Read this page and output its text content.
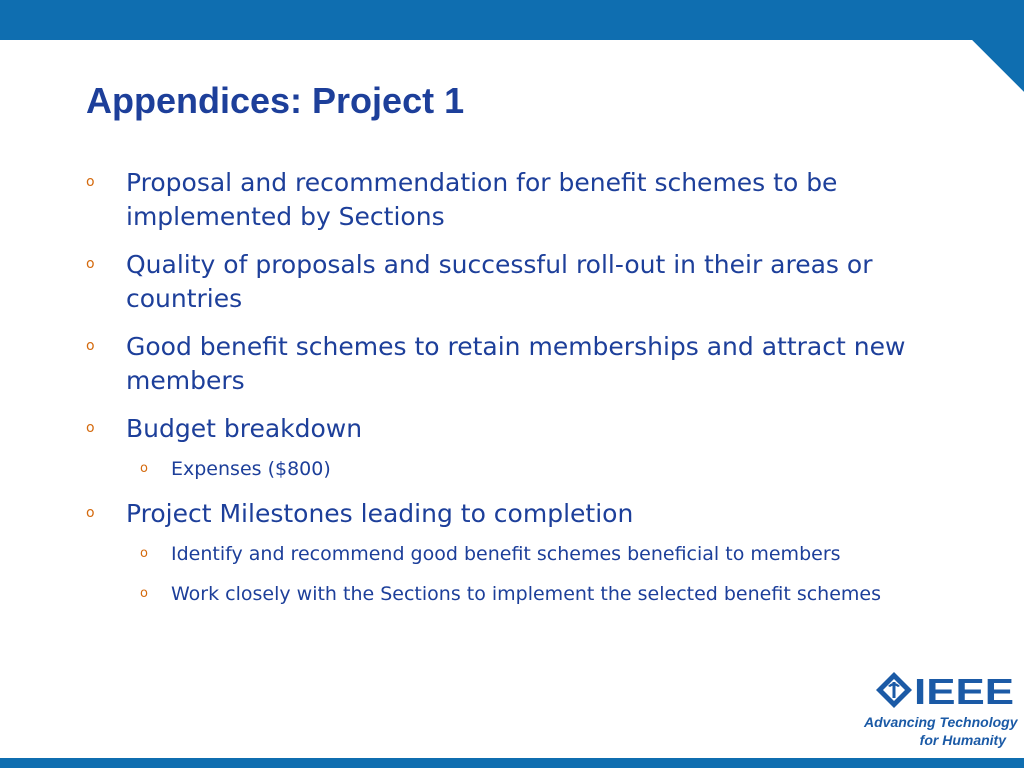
Appendices: Project 1
o Proposal and recommendation for benefit schemes to be implemented by Sections
o Quality of proposals and successful roll-out in their areas or countries
o Good benefit schemes to retain memberships and attract new members
o Budget breakdown
o Expenses ($800)
o Project Milestones leading to completion
o Identify and recommend good benefit schemes beneficial to members
o Work closely with the Sections to implement the selected benefit schemes
IEEE
Advancing Technology
for Humanity
